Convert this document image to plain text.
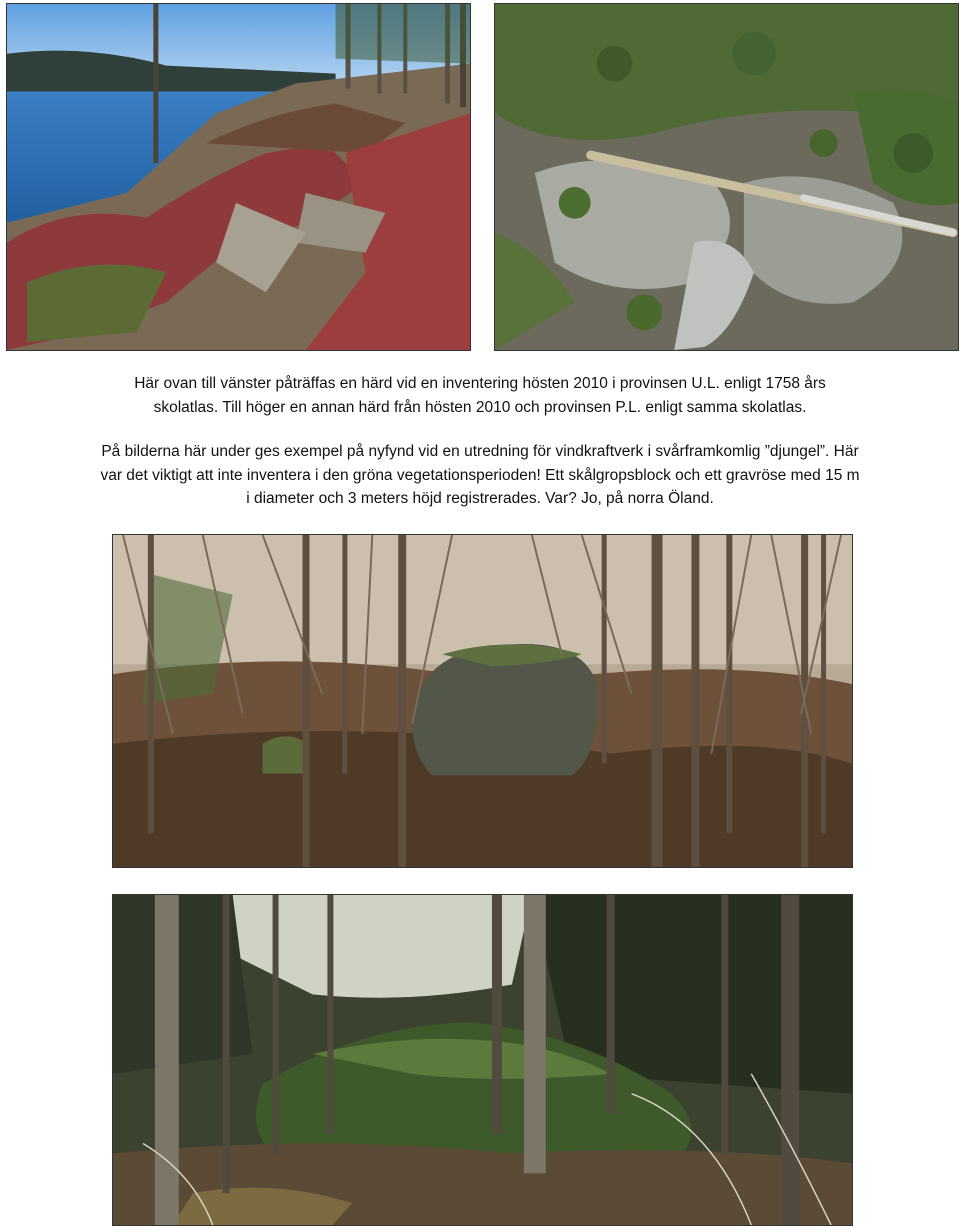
Här ovan till vänster påträffas en härd vid en inventering hösten 2010 i provinsen U.L. enligt 1758 års skolatlas. Till höger en annan härd från hösten 2010 och provinsen P.L. enligt samma skolatlas.

På bilderna här under ges exempel på nyfynd vid en utredning för vindkraftverk i svårframkomlig ”djungel”. Här var det viktigt att inte inventera i den gröna vegetationsperioden! Ett skålgropsblock och ett gravröse med 15 m i diameter och 3 meters höjd registrerades. Var? Jo, på norra Öland.
